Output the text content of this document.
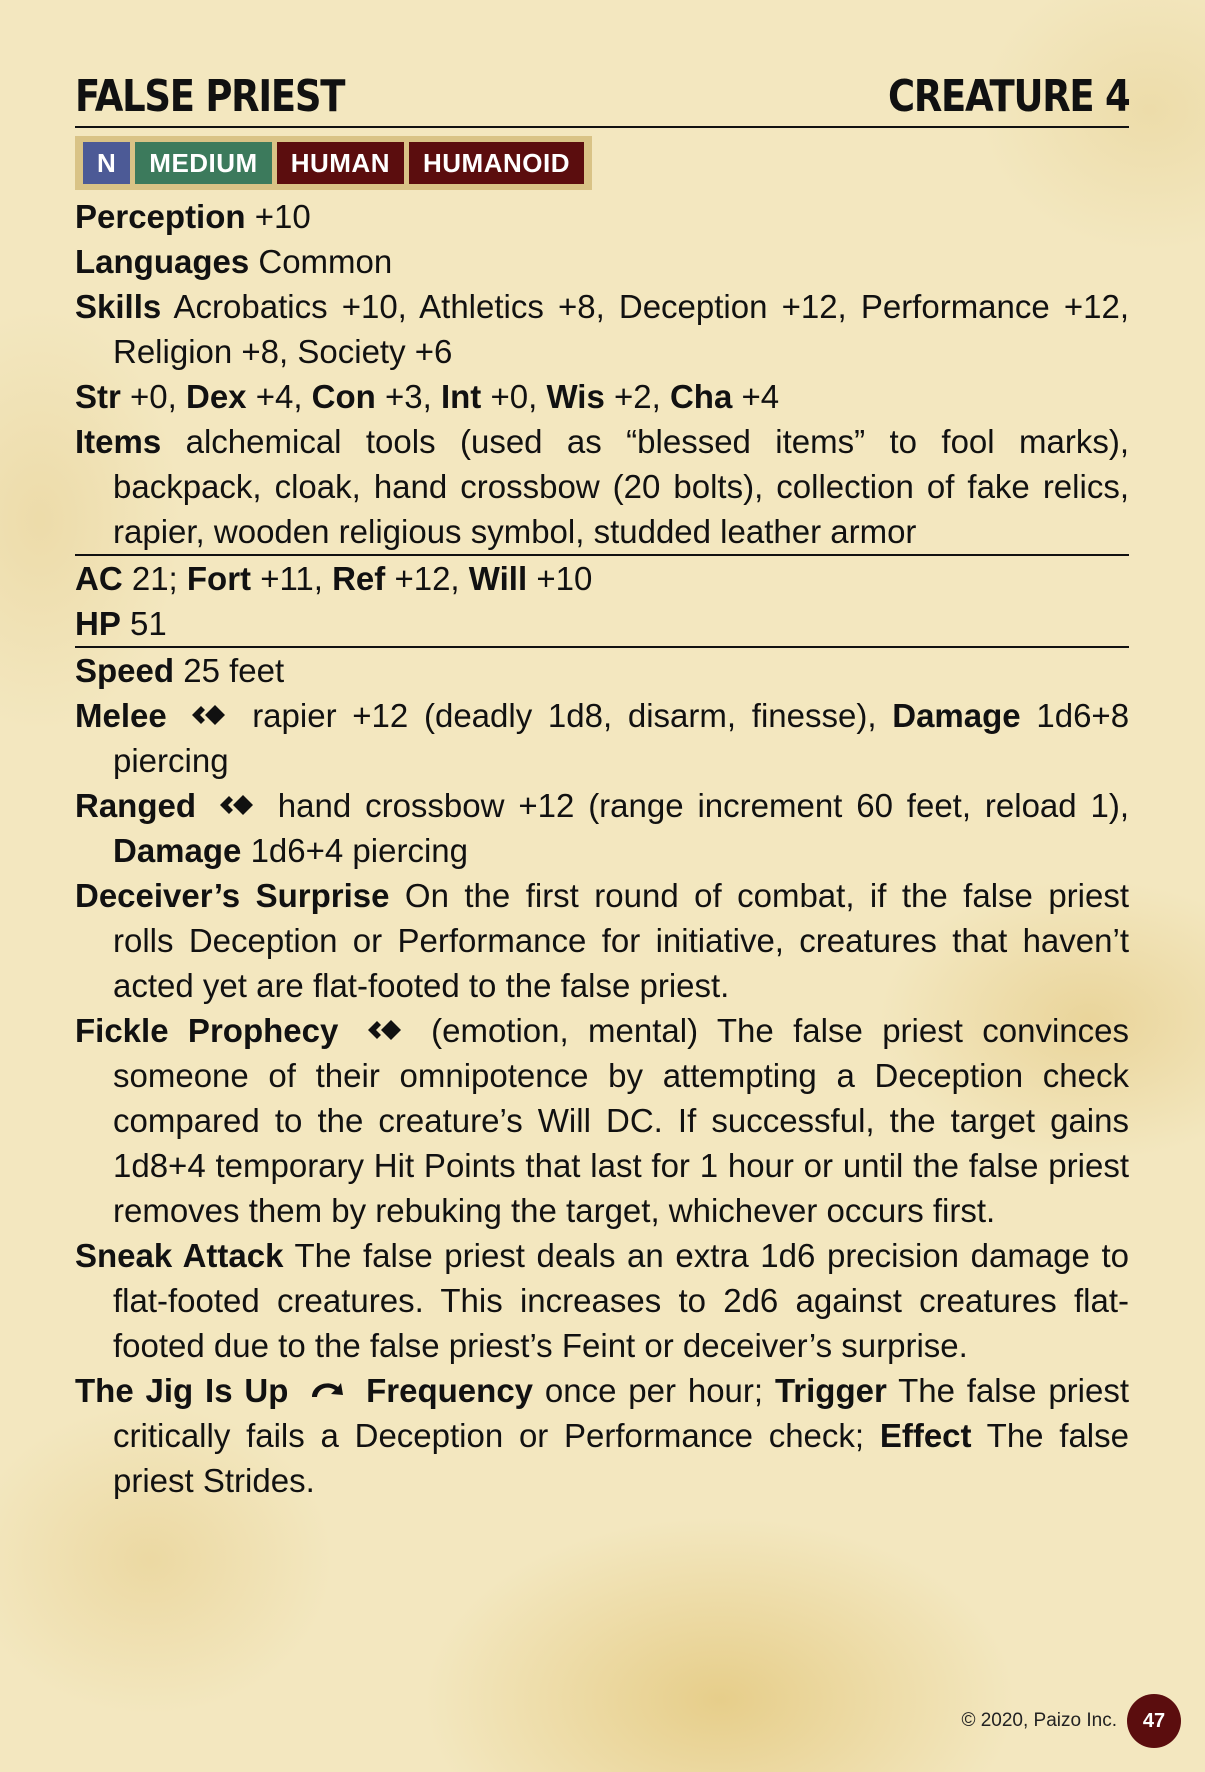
FALSE PRIEST	CREATURE 4
N	MEDIUM	HUMAN	HUMANOID
Perception +10
Languages Common
Skills Acrobatics +10, Athletics +8, Deception +12, Performance +12, Religion +8, Society +6
Str +0, Dex +4, Con +3, Int +0, Wis +2, Cha +4
Items alchemical tools (used as “blessed items” to fool marks), backpack, cloak, hand crossbow (20 bolts), collection of fake relics, rapier, wooden religious symbol, studded leather armor
AC 21; Fort +11, Ref +12, Will +10
HP 51
Speed 25 feet
Melee	rapier +12 (deadly 1d8, disarm, finesse), Damage 1d6+8 piercing
Ranged hand crossbow +12 (range increment 60 feet, reload 1), Damage 1d6+4 piercing
Deceiver’s Surprise On the first round of combat, if the false priest rolls Deception or Performance for initiative, creatures that haven’t acted yet are flat-footed to the false priest.
Fickle Prophecy	(emotion, mental) The false priest convinces someone of their omnipotence by attempting a Deception check compared to the creature’s Will DC. If successful, the target gains 1d8+4 temporary Hit Points that last for 1 hour or until the false priest removes them by rebuking the target, whichever occurs first.
Sneak Attack The false priest deals an extra 1d6 precision damage to flat-footed creatures. This increases to 2d6 against creatures flat-footed due to the false priest’s Feint or deceiver’s surprise.
The Jig Is Up Frequency once per hour; Trigger The false priest critically fails a Deception or Performance check; Effect The false priest Strides.
© 2020, Paizo Inc.	47
